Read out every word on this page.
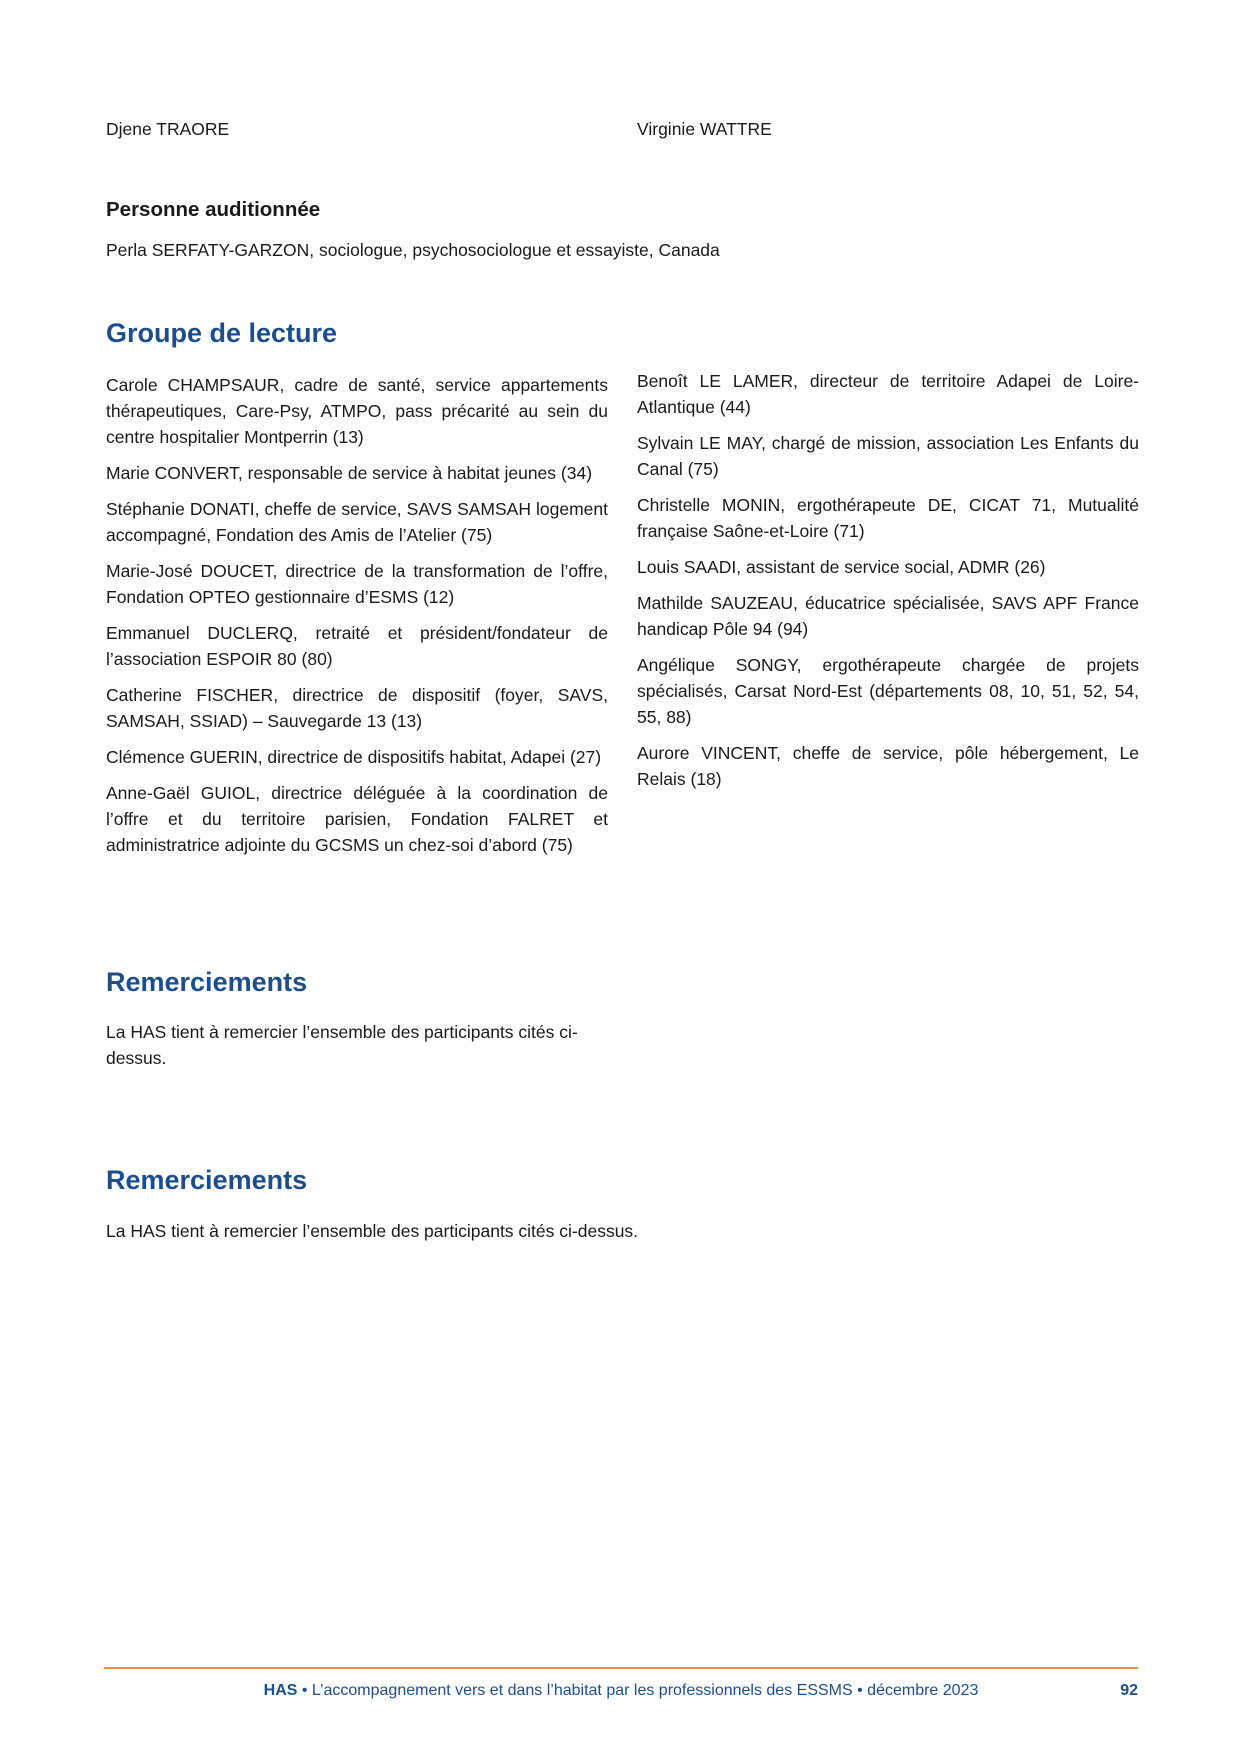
Djene TRAORE	Virginie WATTRE
Personne auditionnée
Perla SERFATY-GARZON, sociologue, psychosociologue et essayiste, Canada
Groupe de lecture

Carole CHAMPSAUR, cadre de santé, service appartements thérapeutiques, Care-Psy, ATMPO, pass précarité au sein du centre hospitalier Montperrin (13)

Marie CONVERT, responsable de service à habitat jeunes (34)

Stéphanie DONATI, cheffe de service, SAVS SAMSAH logement accompagné, Fondation des Amis de l’Atelier (75)

Marie-José DOUCET, directrice de la transformation de l’offre, Fondation OPTEO gestionnaire d’ESMS (12)

Emmanuel DUCLERQ, retraité et président/fondateur de l’association ESPOIR 80 (80)

Catherine FISCHER, directrice de dispositif (foyer, SAVS, SAMSAH, SSIAD) – Sauvegarde 13 (13)

Clémence GUERIN, directrice de dispositifs habitat, Adapei (27)

Anne-Gaël GUIOL, directrice déléguée à la coordination de l’offre et du territoire parisien, Fondation FALRET et administratrice adjointe du GCSMS un chez-soi d’abord (75)

Benoît LE LAMER, directeur de territoire Adapei de Loire-Atlantique (44)

Sylvain LE MAY, chargé de mission, association Les Enfants du Canal (75)

Christelle MONIN, ergothérapeute DE, CICAT 71, Mutualité française Saône-et-Loire (71)

Louis SAADI, assistant de service social, ADMR (26)

Mathilde SAUZEAU, éducatrice spécialisée, SAVS APF France handicap Pôle 94 (94)

Angélique SONGY, ergothérapeute chargée de projets spécialisés, Carsat Nord-Est (départements 08, 10, 51, 52, 54, 55, 88)

Aurore VINCENT, cheffe de service, pôle hébergement, Le Relais (18)

Remerciements
La HAS tient à remercier l’ensemble des participants cités ci-dessus.
Remerciements
La HAS tient à remercier l’ensemble des participants cités ci-dessus.
HAS • L’accompagnement vers et dans l’habitat par les professionnels des ESSMS • décembre 2023	92
